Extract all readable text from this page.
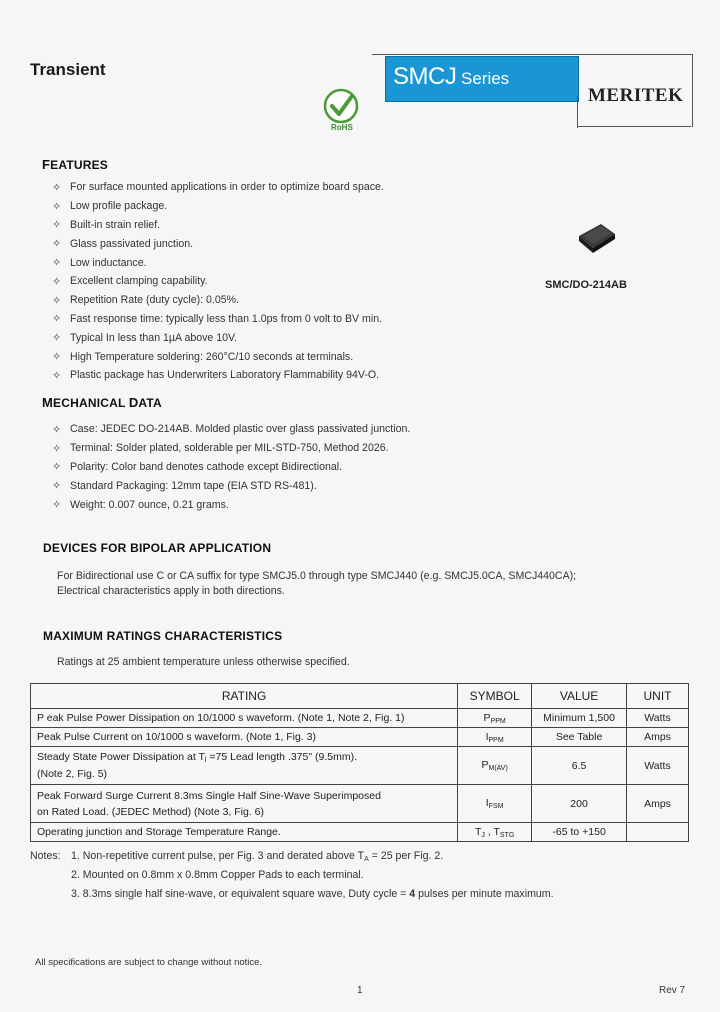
Transient	SMCJ Series
MERITEK
RoHS
FEATURES
✧ For surface mounted applications in order to optimize board space.
✧ Low profile package.
✧ Built-in strain relief.
✧ Glass passivated junction.
✧ Low inductance.
✧ Excellent clamping capability.
✧ Repetition Rate (duty cycle): 0.05%.
✧ Fast response time: typically less than 1.0ps from 0 volt to BV min.
✧ Typical In less than 1µA above 10V.
✧ High Temperature soldering: 260°C/10 seconds at terminals.
✧ Plastic package has Underwriters Laboratory Flammability 94V-O.
SMC/DO-214AB
MECHANICAL DATA
✧ Case: JEDEC DO-214AB. Molded plastic over glass passivated junction.
✧ Terminal: Solder plated, solderable per MIL-STD-750, Method 2026.
✧ Polarity: Color band denotes cathode except Bidirectional.
✧ Standard Packaging: 12mm tape (EIA STD RS-481).
✧ Weight: 0.007 ounce, 0.21 grams.
DEVICES FOR BIPOLAR APPLICATION
For Bidirectional use C or CA suffix for type SMCJ5.0 through type SMCJ440 (e.g. SMCJ5.0CA, SMCJ440CA);
Electrical characteristics apply in both directions.
MAXIMUM RATINGS CHARACTERISTICS
Ratings at 25 ambient temperature unless otherwise specified.
RATING	SYMBOL	VALUE	UNIT
P eak Pulse Power Dissipation on 10/1000 s waveform. (Note 1, Note 2, Fig. 1)	$P_{PPM}$	Minimum 1,500	Watts
Peak Pulse Current on 10/1000 s waveform. (Note 1, Fig. 3)	$I_{PPM}$	See Table	Amps

Steady State Power Dissipation at $T_l =75$ Lead length .375" (9.5mm).
(Note 2, Fig. 5)	$P_{M(AV)}$	6.5	Watts

Peak Forward Surge Current 8.3ms Single Half Sine-Wave Superimposed
on Rated Load. (JEDEC Method) (Note 3, Fig. 6)	$I_{FSM}$	200	Amps
Operating junction and Storage Temperature Range.	$T_J$ , $T_{STG}$	-65 to +150	
Notes: 1. Non-repetitive current pulse, per Fig. 3 and derated above $T_A = 25$ per Fig. 2.
2. Mounted on 0.8mm x 0.8mm Copper Pads to each terminal.
3. 8.3ms single half sine-wave, or equivalent square wave, Duty cycle = 4 pulses per minute maximum.
All specifications are subject to change without notice.
1	Rev 7
